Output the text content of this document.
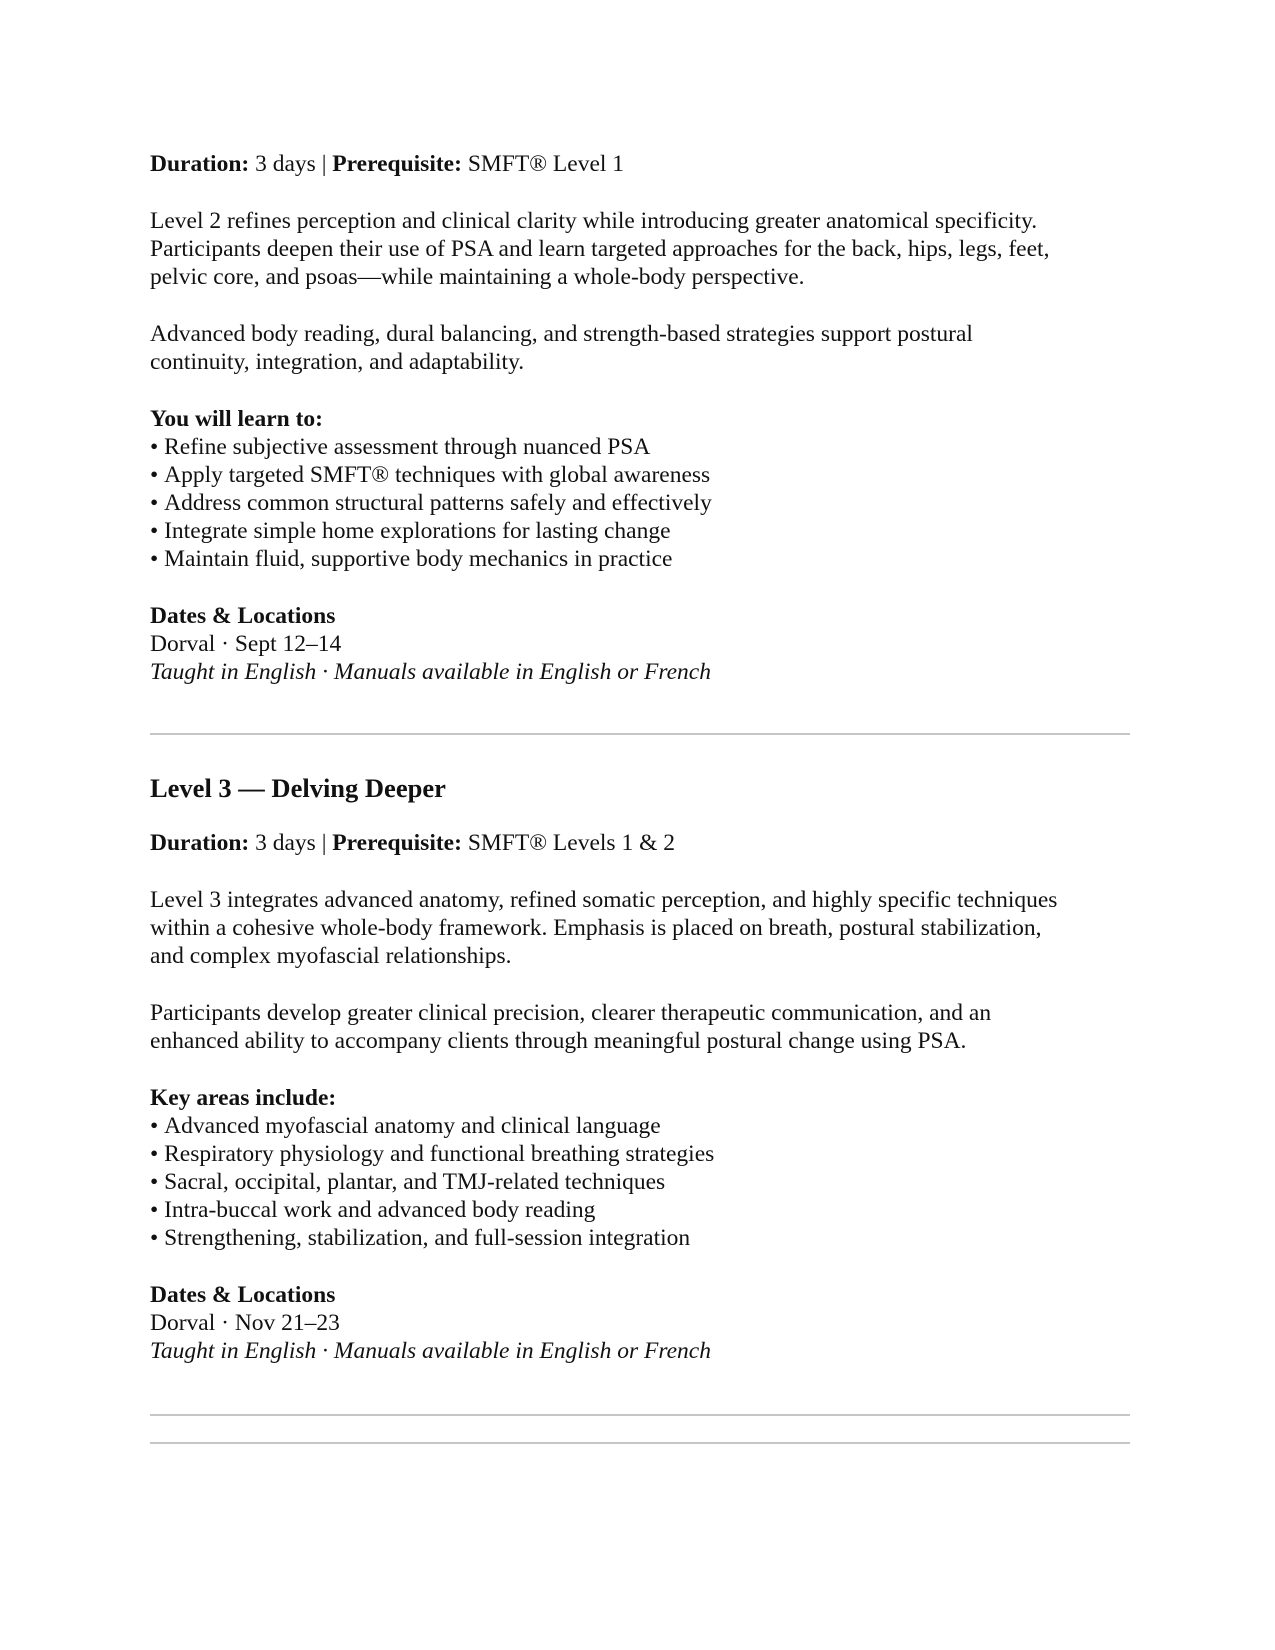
Duration: 3 days | Prerequisite: SMFT® Level 1

Level 2 refines perception and clinical clarity while introducing greater anatomical specificity.
Participants deepen their use of PSA and learn targeted approaches for the back, hips, legs, feet,
pelvic core, and psoas—while maintaining a whole-body perspective.

Advanced body reading, dural balancing, and strength-based strategies support postural
continuity, integration, and adaptability.

You will learn to:

• Refine subjective assessment through nuanced PSA
• Apply targeted SMFT® techniques with global awareness
• Address common structural patterns safely and effectively
• Integrate simple home explorations for lasting change
• Maintain fluid, supportive body mechanics in practice

Dates & Locations

Dorval · Sept 12–14

Taught in English · Manuals available in English or French

Level 3 — Delving Deeper

Duration: 3 days | Prerequisite: SMFT® Levels 1 & 2

Level 3 integrates advanced anatomy, refined somatic perception, and highly specific techniques
within a cohesive whole-body framework. Emphasis is placed on breath, postural stabilization,
and complex myofascial relationships.

Participants develop greater clinical precision, clearer therapeutic communication, and an
enhanced ability to accompany clients through meaningful postural change using PSA.

Key areas include:

• Advanced myofascial anatomy and clinical language
• Respiratory physiology and functional breathing strategies
• Sacral, occipital, plantar, and TMJ-related techniques
• Intra-buccal work and advanced body reading
• Strengthening, stabilization, and full-session integration

Dates & Locations

Dorval · Nov 21–23

Taught in English · Manuals available in English or French
